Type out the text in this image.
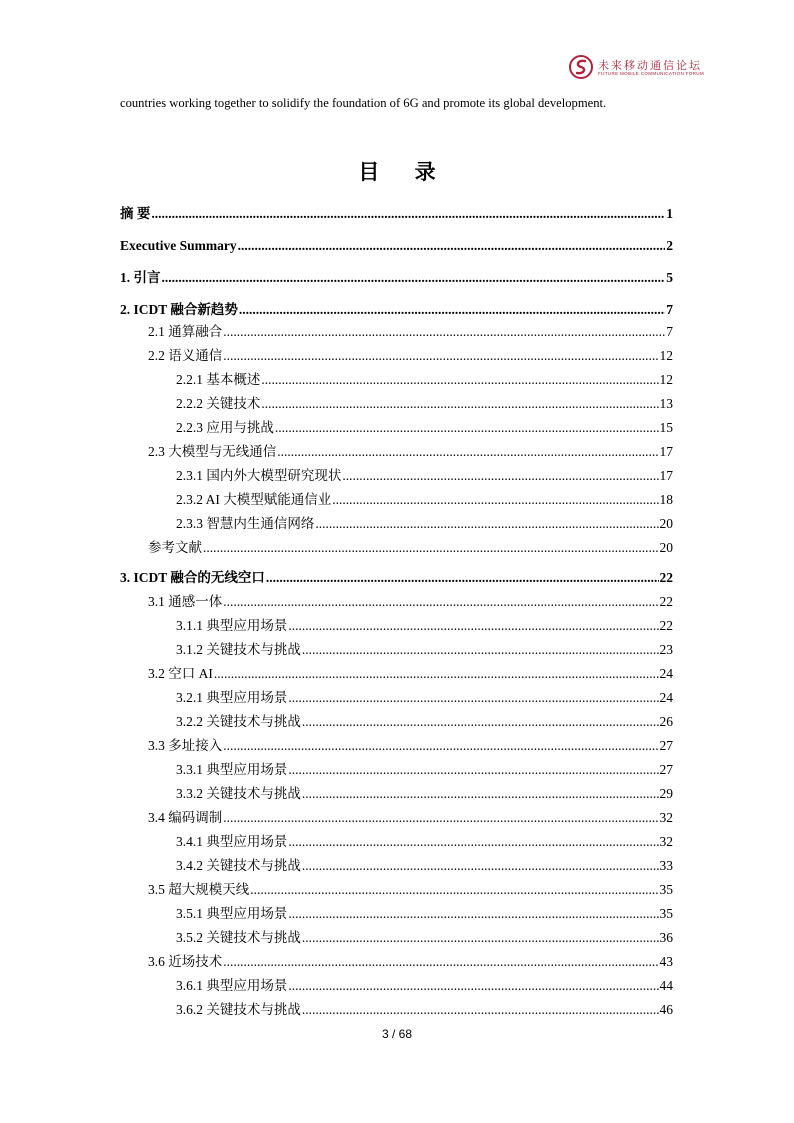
未来移动通信论坛
FUTURE MOBILE COMMUNICATION FORUM
countries working together to solidify the foundation of 6G and promote its global development.
目 录
摘 要 .....	1
Executive Summary .....	2
1. 引言 .....	5
2. ICDT 融合新趋势 .....	7
2.1 通算融合 .....	7
2.2 语义通信 .....	12
2.2.1 基本概述 .....	12
2.2.2 关键技术 .....	13
2.2.3 应用与挑战 .....	15
2.3 大模型与无线通信 .....	17
2.3.1 国内外大模型研究现状 .....	17
2.3.2 AI 大模型赋能通信业 .....	18
2.3.3 智慧内生通信网络 .....	20
参考文献 .....	20
3. ICDT 融合的无线空口 .....	22
3.1 通感一体 .....	22
3.1.1 典型应用场景 .....	22
3.1.2 关键技术与挑战 .....	23
3.2 空口 AI .....	24
3.2.1 典型应用场景 .....	24
3.2.2 关键技术与挑战 .....	26
3.3 多址接入 .....	27
3.3.1 典型应用场景 .....	27
3.3.2 关键技术与挑战 .....	29
3.4 编码调制 .....	32
3.4.1 典型应用场景 .....	32
3.4.2 关键技术与挑战 .....	33
3.5 超大规模天线 .....	35
3.5.1 典型应用场景 .....	35
3.5.2 关键技术与挑战 .....	36
3.6 近场技术 .....	43
3.6.1 典型应用场景 .....	44
3.6.2 关键技术与挑战 .....	46
3 / 68
